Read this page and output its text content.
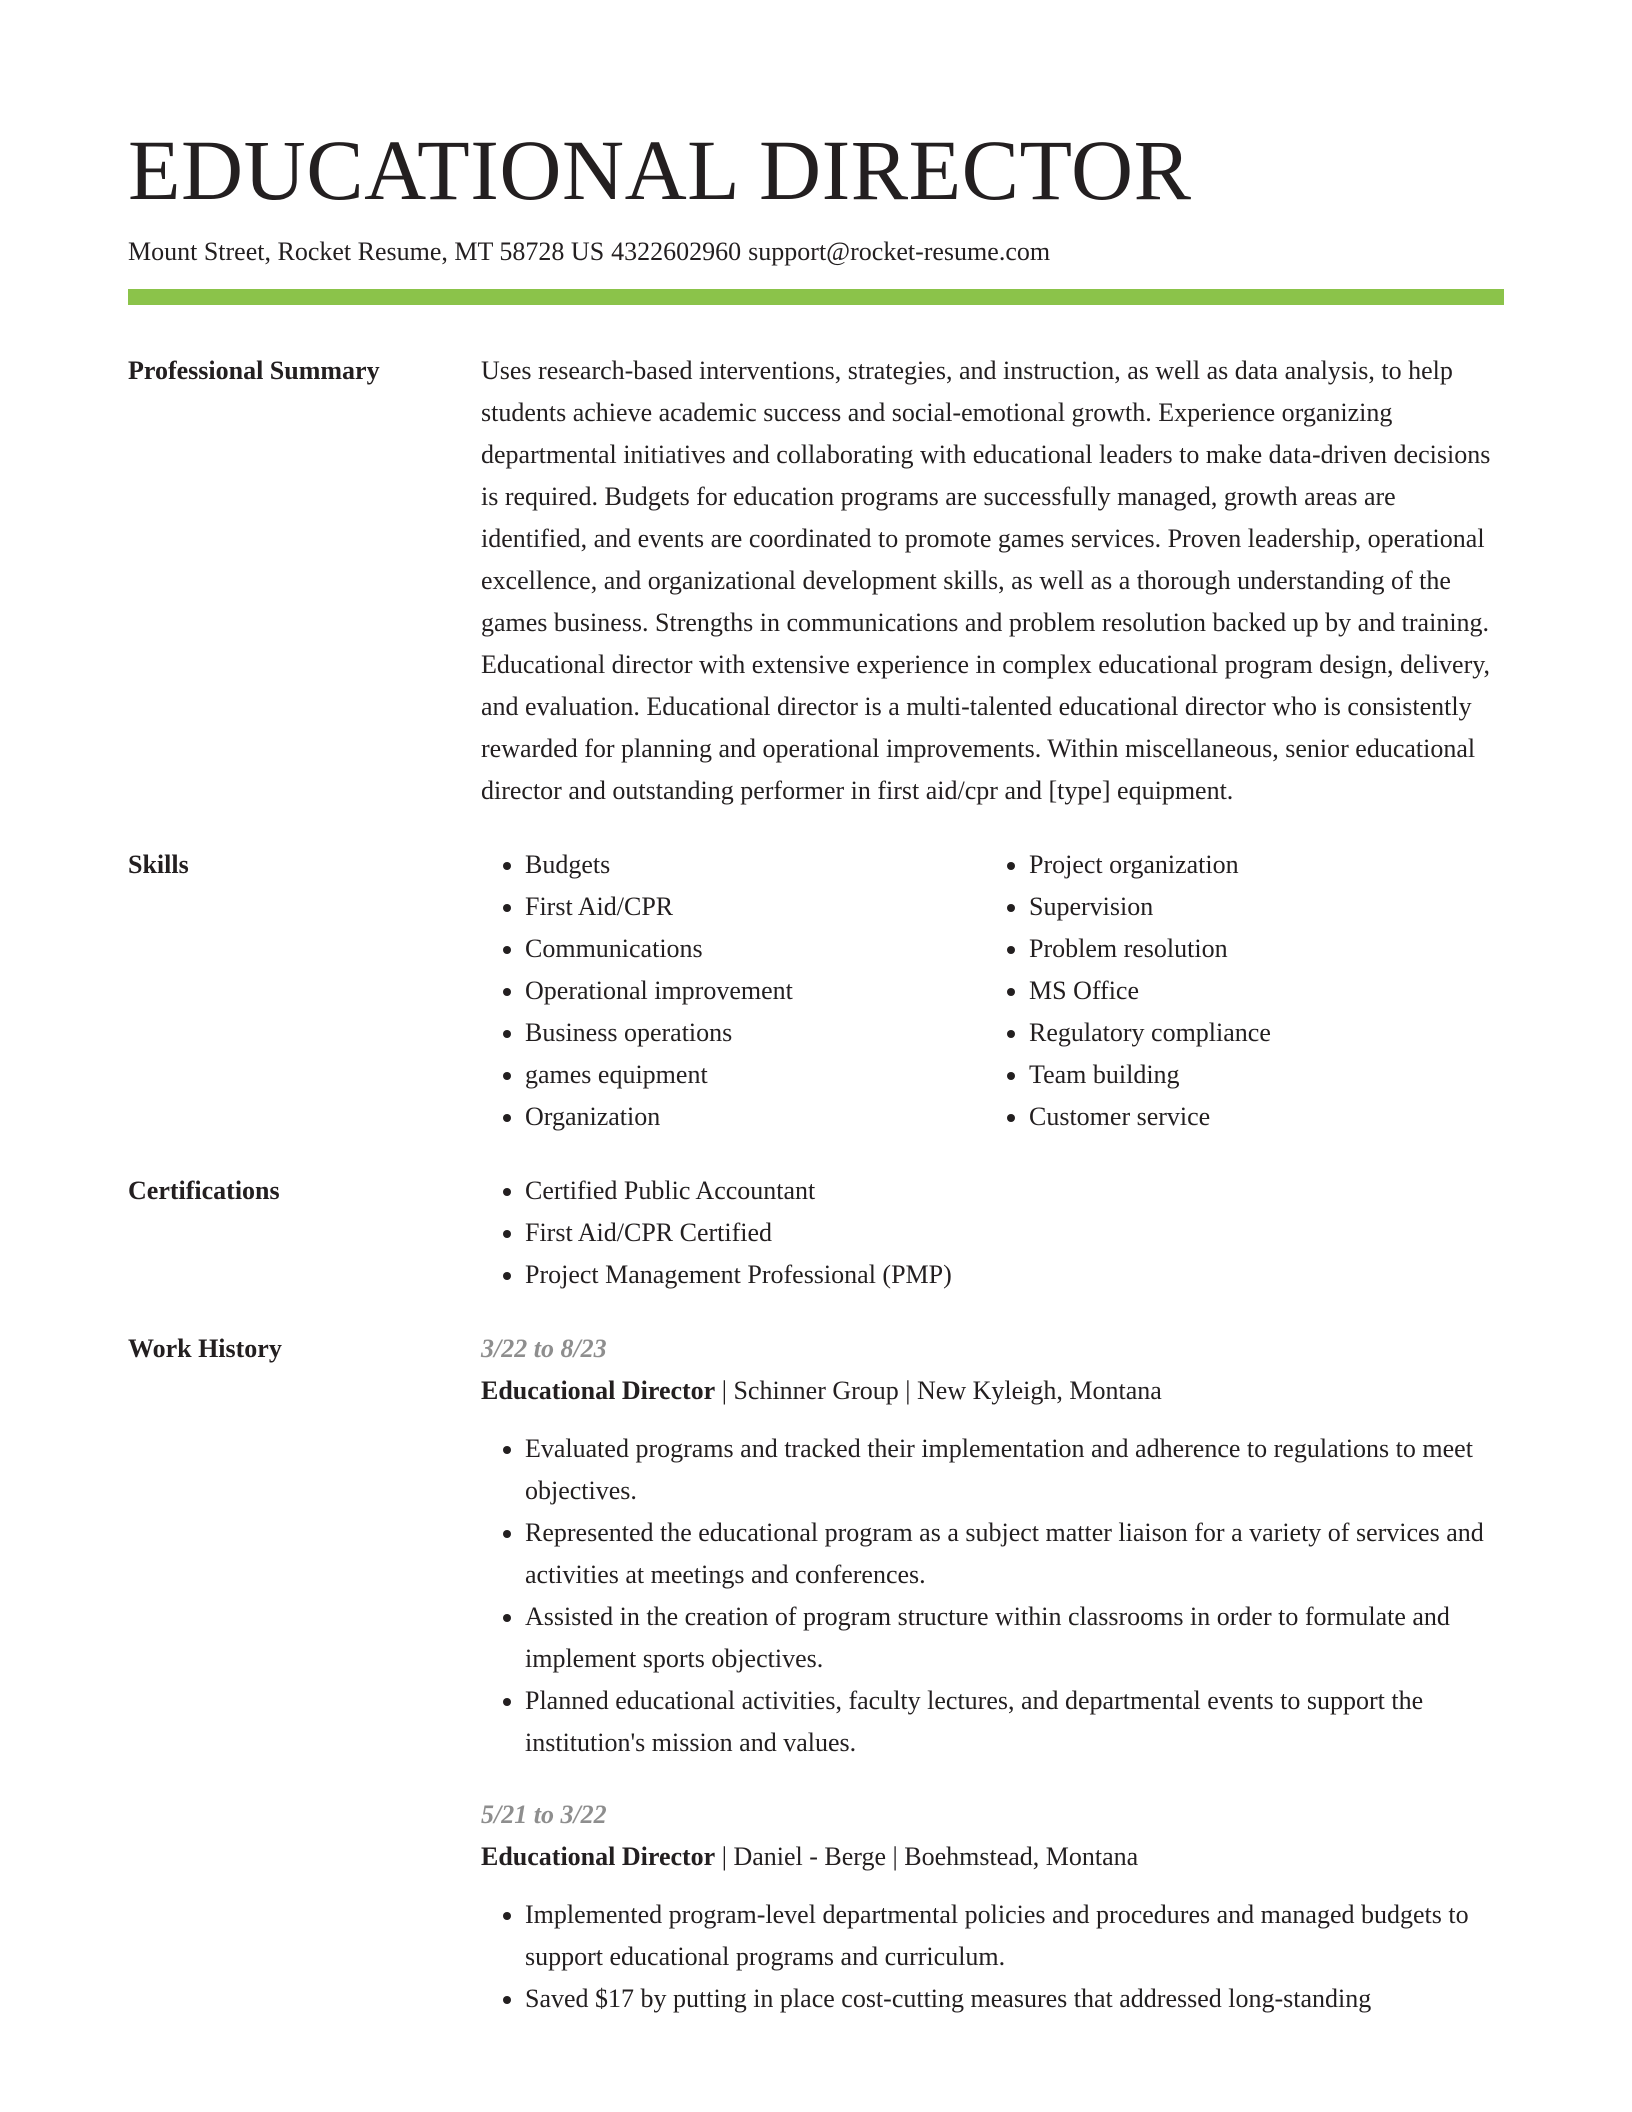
EDUCATIONAL DIRECTOR
Mount Street, Rocket Resume, MT 58728 US 4322602960 support@rocket-resume.com
Professional Summary	Uses research-based interventions, strategies, and instruction, as well as data analysis, to help students achieve academic success and social-emotional growth. Experience organizing departmental initiatives and collaborating with educational leaders to make data-driven decisions is required. Budgets for education programs are successfully managed, growth areas are identified, and events are coordinated to promote games services. Proven leadership, operational excellence, and organizational development skills, as well as a thorough understanding of the games business. Strengths in communications and problem resolution backed up by and training. Educational director with extensive experience in complex educational program design, delivery, and evaluation. Educational director is a multi-talented educational director who is consistently rewarded for planning and operational improvements. Within miscellaneous, senior educational director and outstanding performer in first aid/cpr and [type] equipment.

Skills	• Budgets
• First Aid/CPR
• Communications
• Operational improvement
• Business operations
• games equipment
• Organization
• Project organization
• Supervision
• Problem resolution
• MS Office
• Regulatory compliance
• Team building
• Customer service
Certifications	• Certified Public Accountant
• First Aid/CPR Certified
• Project Management Professional (PMP)
Work History	3/22 to 8/23
Educational Director | Schinner Group | New Kyleigh, Montana
• Evaluated programs and tracked their implementation and adherence to regulations to meet objectives.
• Represented the educational program as a subject matter liaison for a variety of services and activities at meetings and conferences.
• Assisted in the creation of program structure within classrooms in order to formulate and implement sports objectives.
• Planned educational activities, faculty lectures, and departmental events to support the institution's mission and values.
5/21 to 3/22
Educational Director | Daniel - Berge | Boehmstead, Montana
• Implemented program-level departmental policies and procedures and managed budgets to support educational programs and curriculum.
• Saved $17 by putting in place cost-cutting measures that addressed long-standing
